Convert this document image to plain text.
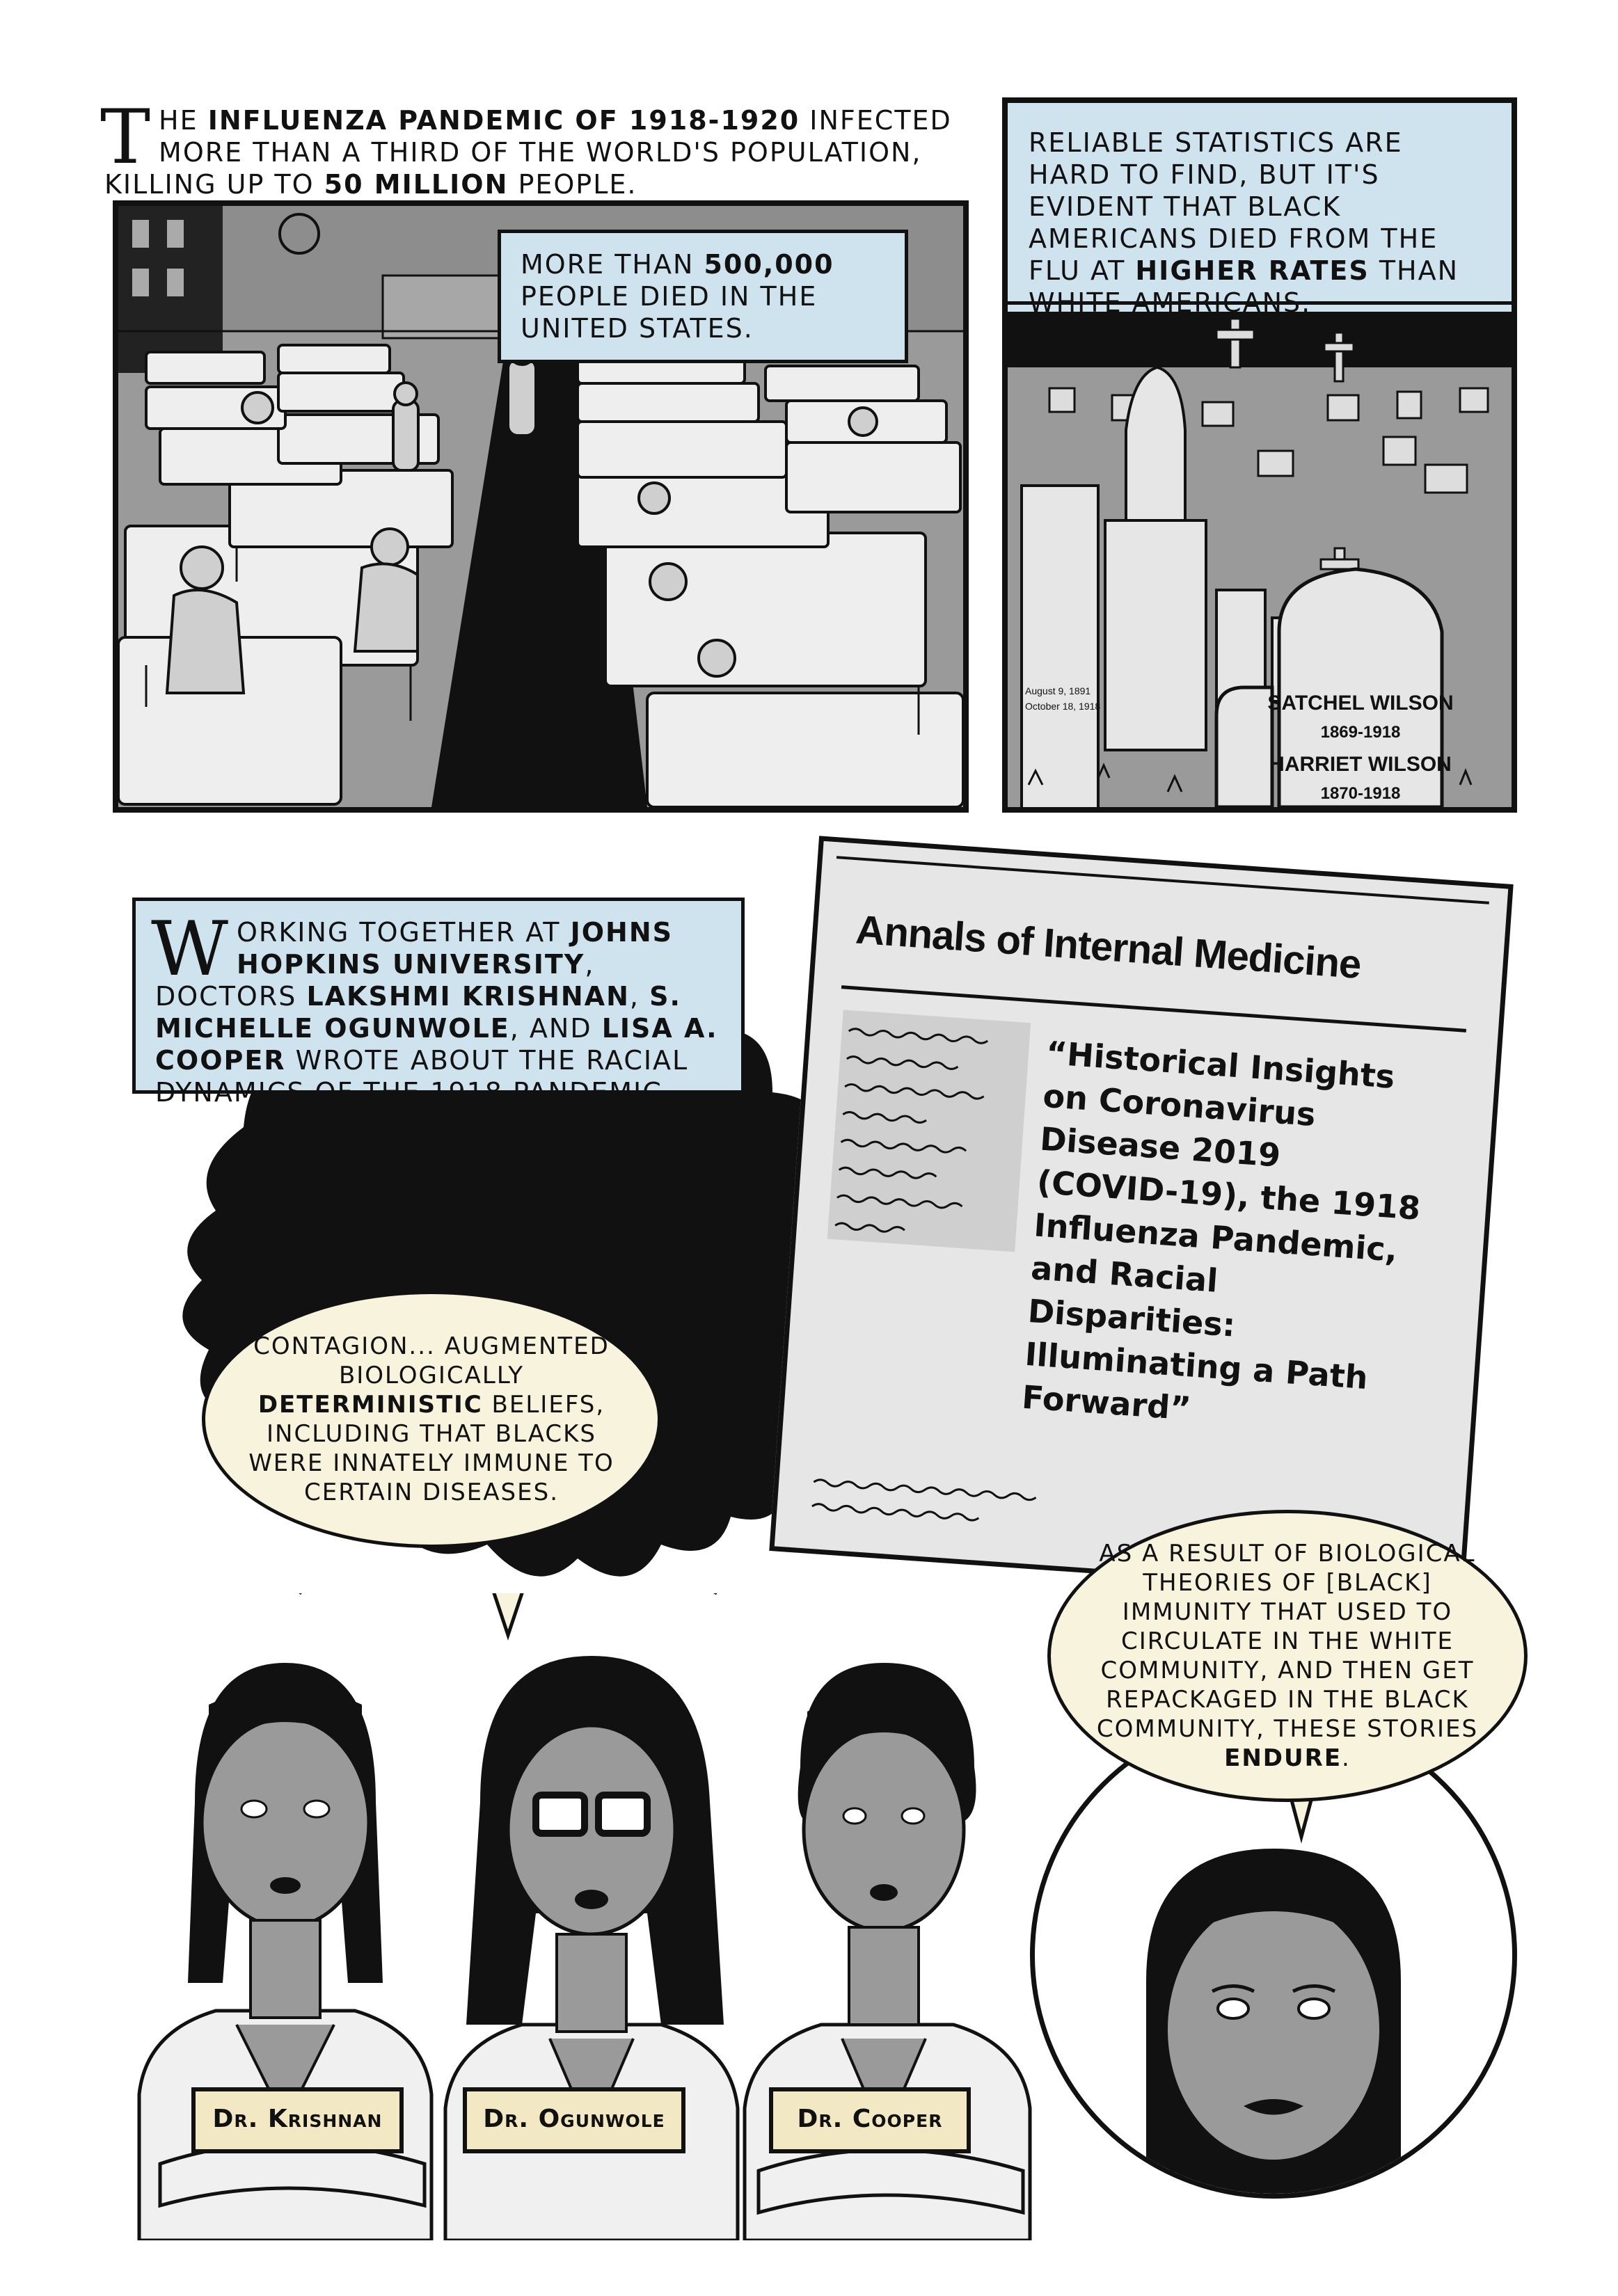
T HE INFLUENZA PANDEMIC OF 1918-1920 INFECTED MORE THAN A THIRD OF THE WORLD'S POPULATION, KILLING UP TO 50 MILLION PEOPLE.
MORE THAN 500,000 PEOPLE DIED IN THE UNITED STATES.
SATCHEL WILSON
1869-1918
HARRIET WILSON
1870-1918
August 9, 1891
October 18, 1918
RELIABLE STATISTICS ARE HARD TO FIND, BUT IT'S EVIDENT THAT BLACK AMERICANS DIED FROM THE FLU AT HIGHER RATES THAN WHITE AMERICANS.
Annals of Internal Medicine
“Historical Insights on Coronavirus Disease 2019 (COVID-19), the 1918 Influenza Pandemic, and Racial Disparities: Illuminating a Path Forward”
W ORKING TOGETHER AT JOHNS HOPKINS UNIVERSITY, DOCTORS LAKSHMI KRISHNAN, S. MICHELLE OGUNWOLE, AND LISA A. COOPER WROTE ABOUT THE RACIAL DYNAMICS OF THE 1918 PANDEMIC...
CONTAGION... AUGMENTED BIOLOGICALLY DETERMINISTIC BELIEFS, INCLUDING THAT BLACKS WERE INNATELY IMMUNE TO CERTAIN DISEASES.
AS A RESULT OF BIOLOGICAL THEORIES OF [BLACK] IMMUNITY THAT USED TO CIRCULATE IN THE WHITE COMMUNITY, AND THEN GET REPACKAGED IN THE BLACK COMMUNITY, THESE STORIES ENDURE.
Dr. Krishnan	Dr. Ogunwole	Dr. Cooper
